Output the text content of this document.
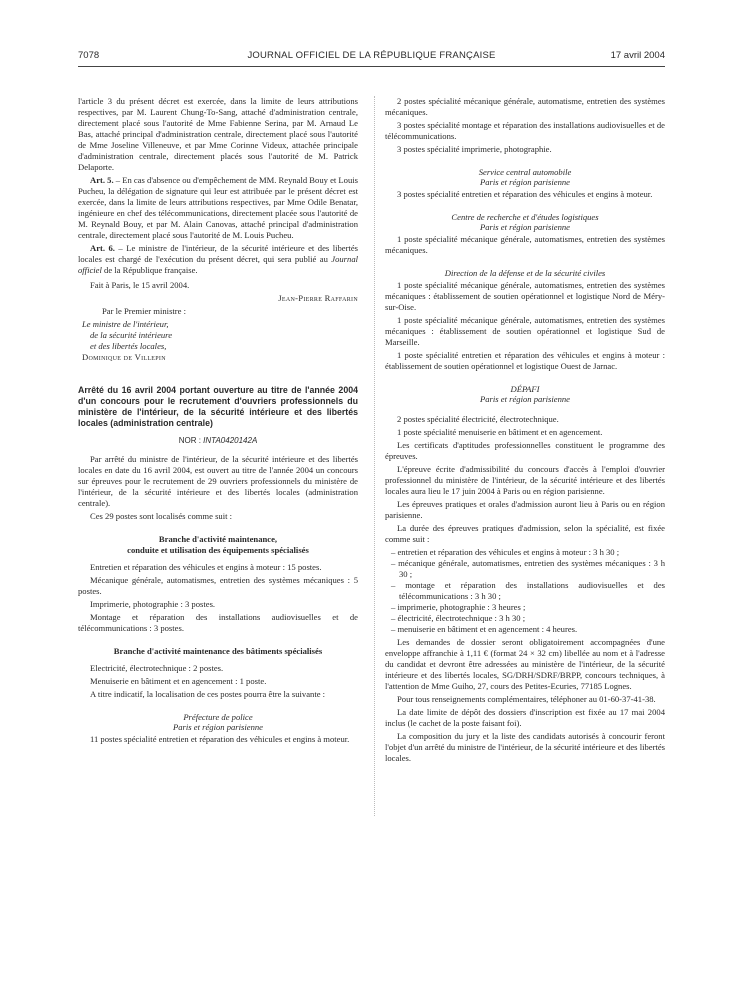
7078	JOURNAL OFFICIEL DE LA RÉPUBLIQUE FRANÇAISE	17 avril 2004

l'article 3 du présent décret est exercée, dans la limite de leurs attributions respectives, par M. Laurent Chung-To-Sang, attaché d'administration centrale, directement placé sous l'autorité de Mme Fabienne Serina, par M. Arnaud Le Bas, attaché principal d'administration centrale, directement placé sous l'autorité de Mme Joseline Villeneuve, et par Mme Corinne Videux, attachée principale d'administration centrale, directement placés sous l'autorité de M. Patrick Delaporte.

Art. 5. – En cas d'absence ou d'empêchement de MM. Reynald Bouy et Louis Pucheu, la délégation de signature qui leur est attribuée par le présent décret est exercée, dans la limite de leurs attributions respectives, par Mme Odile Benatar, ingénieure en chef des télécommunications, directement placée sous l'autorité de M. Reynald Bouy, et par M. Alain Canovas, attaché principal d'administration centrale, directement placé sous l'autorité de M. Louis Pucheu.

Art. 6. – Le ministre de l'intérieur, de la sécurité intérieure et des libertés locales est chargé de l'exécution du présent décret, qui sera publié au Journal officiel de la République française.

Fait à Paris, le 15 avril 2004.

Jean-Pierre Raffarin

Par le Premier ministre :

Le ministre de l'intérieur,

de la sécurité intérieure

et des libertés locales,

Dominique de Villepin

Arrêté du 16 avril 2004 portant ouverture au titre de l'année 2004 d'un concours pour le recrutement d'ouvriers professionnels du ministère de l'intérieur, de la sécurité intérieure et des libertés locales (administration centrale)

NOR : INTA0420142A

Par arrêté du ministre de l'intérieur, de la sécurité intérieure et des libertés locales en date du 16 avril 2004, est ouvert au titre de l'année 2004 un concours sur épreuves pour le recrutement de 29 ouvriers professionnels du ministère de l'intérieur, de la sécurité intérieure et des libertés locales (administration centrale).

Ces 29 postes sont localisés comme suit :

Branche d'activité maintenance,
conduite et utilisation des équipements spécialisés

Entretien et réparation des véhicules et engins à moteur : 15 postes.

Mécanique générale, automatismes, entretien des systèmes mécaniques : 5 postes.

Imprimerie, photographie : 3 postes.

Montage et réparation des installations audiovisuelles et de télécommunications : 3 postes.

Branche d'activité maintenance des bâtiments spécialisés

Electricité, électrotechnique : 2 postes.

Menuiserie en bâtiment et en agencement : 1 poste.

A titre indicatif, la localisation de ces postes pourra être la suivante :

Préfecture de police
Paris et région parisienne

11 postes spécialité entretien et réparation des véhicules et engins à moteur.

2 postes spécialité mécanique générale, automatisme, entretien des systèmes mécaniques.

3 postes spécialité montage et réparation des installations audiovisuelles et de télécommunications.

3 postes spécialité imprimerie, photographie.

Service central automobile
Paris et région parisienne

3 postes spécialité entretien et réparation des véhicules et engins à moteur.

Centre de recherche et d'études logistiques
Paris et région parisienne

1 poste spécialité mécanique générale, automatismes, entretien des systèmes mécaniques.

Direction de la défense et de la sécurité civiles

1 poste spécialité mécanique générale, automatismes, entretien des systèmes mécaniques : établissement de soutien opérationnel et logistique Nord de Méry-sur-Oise.

1 poste spécialité mécanique générale, automatismes, entretien des systèmes mécaniques : établissement de soutien opérationnel et logistique Sud de Marseille.

1 poste spécialité entretien et réparation des véhicules et engins à moteur : établissement de soutien opérationnel et logistique Ouest de Jarnac.

DÉPAFI
Paris et région parisienne

2 postes spécialité électricité, électrotechnique.

1 poste spécialité menuiserie en bâtiment et en agencement.

Les certificats d'aptitudes professionnelles constituent le programme des épreuves.

L'épreuve écrite d'admissibilité du concours d'accès à l'emploi d'ouvrier professionnel du ministère de l'intérieur, de la sécurité intérieure et des libertés locales aura lieu le 17 juin 2004 à Paris ou en région parisienne.

Les épreuves pratiques et orales d'admission auront lieu à Paris ou en région parisienne.

La durée des épreuves pratiques d'admission, selon la spécialité, est fixée comme suit :

– entretien et réparation des véhicules et engins à moteur : 3 h 30 ;
– mécanique générale, automatismes, entretien des systèmes mécaniques : 3 h 30 ;
– montage et réparation des installations audiovisuelles et des télécommunications : 3 h 30 ;
– imprimerie, photographie : 3 heures ;
– électricité, électrotechnique : 3 h 30 ;
– menuiserie en bâtiment et en agencement : 4 heures.

Les demandes de dossier seront obligatoirement accompagnées d'une enveloppe affranchie à 1,11 € (format 24 × 32 cm) libellée au nom et à l'adresse du candidat et devront être adressées au ministère de l'intérieur, de la sécurité intérieure et des libertés locales, SG/DRH/SDRF/BRPP, concours techniques, à l'attention de Mme Guiho, 27, cours des Petites-Ecuries, 77185 Lognes.

Pour tous renseignements complémentaires, téléphoner au 01-60-37-41-38.

La date limite de dépôt des dossiers d'inscription est fixée au 17 mai 2004 inclus (le cachet de la poste faisant foi).

La composition du jury et la liste des candidats autorisés à concourir feront l'objet d'un arrêté du ministre de l'intérieur, de la sécurité intérieure et des libertés locales.
